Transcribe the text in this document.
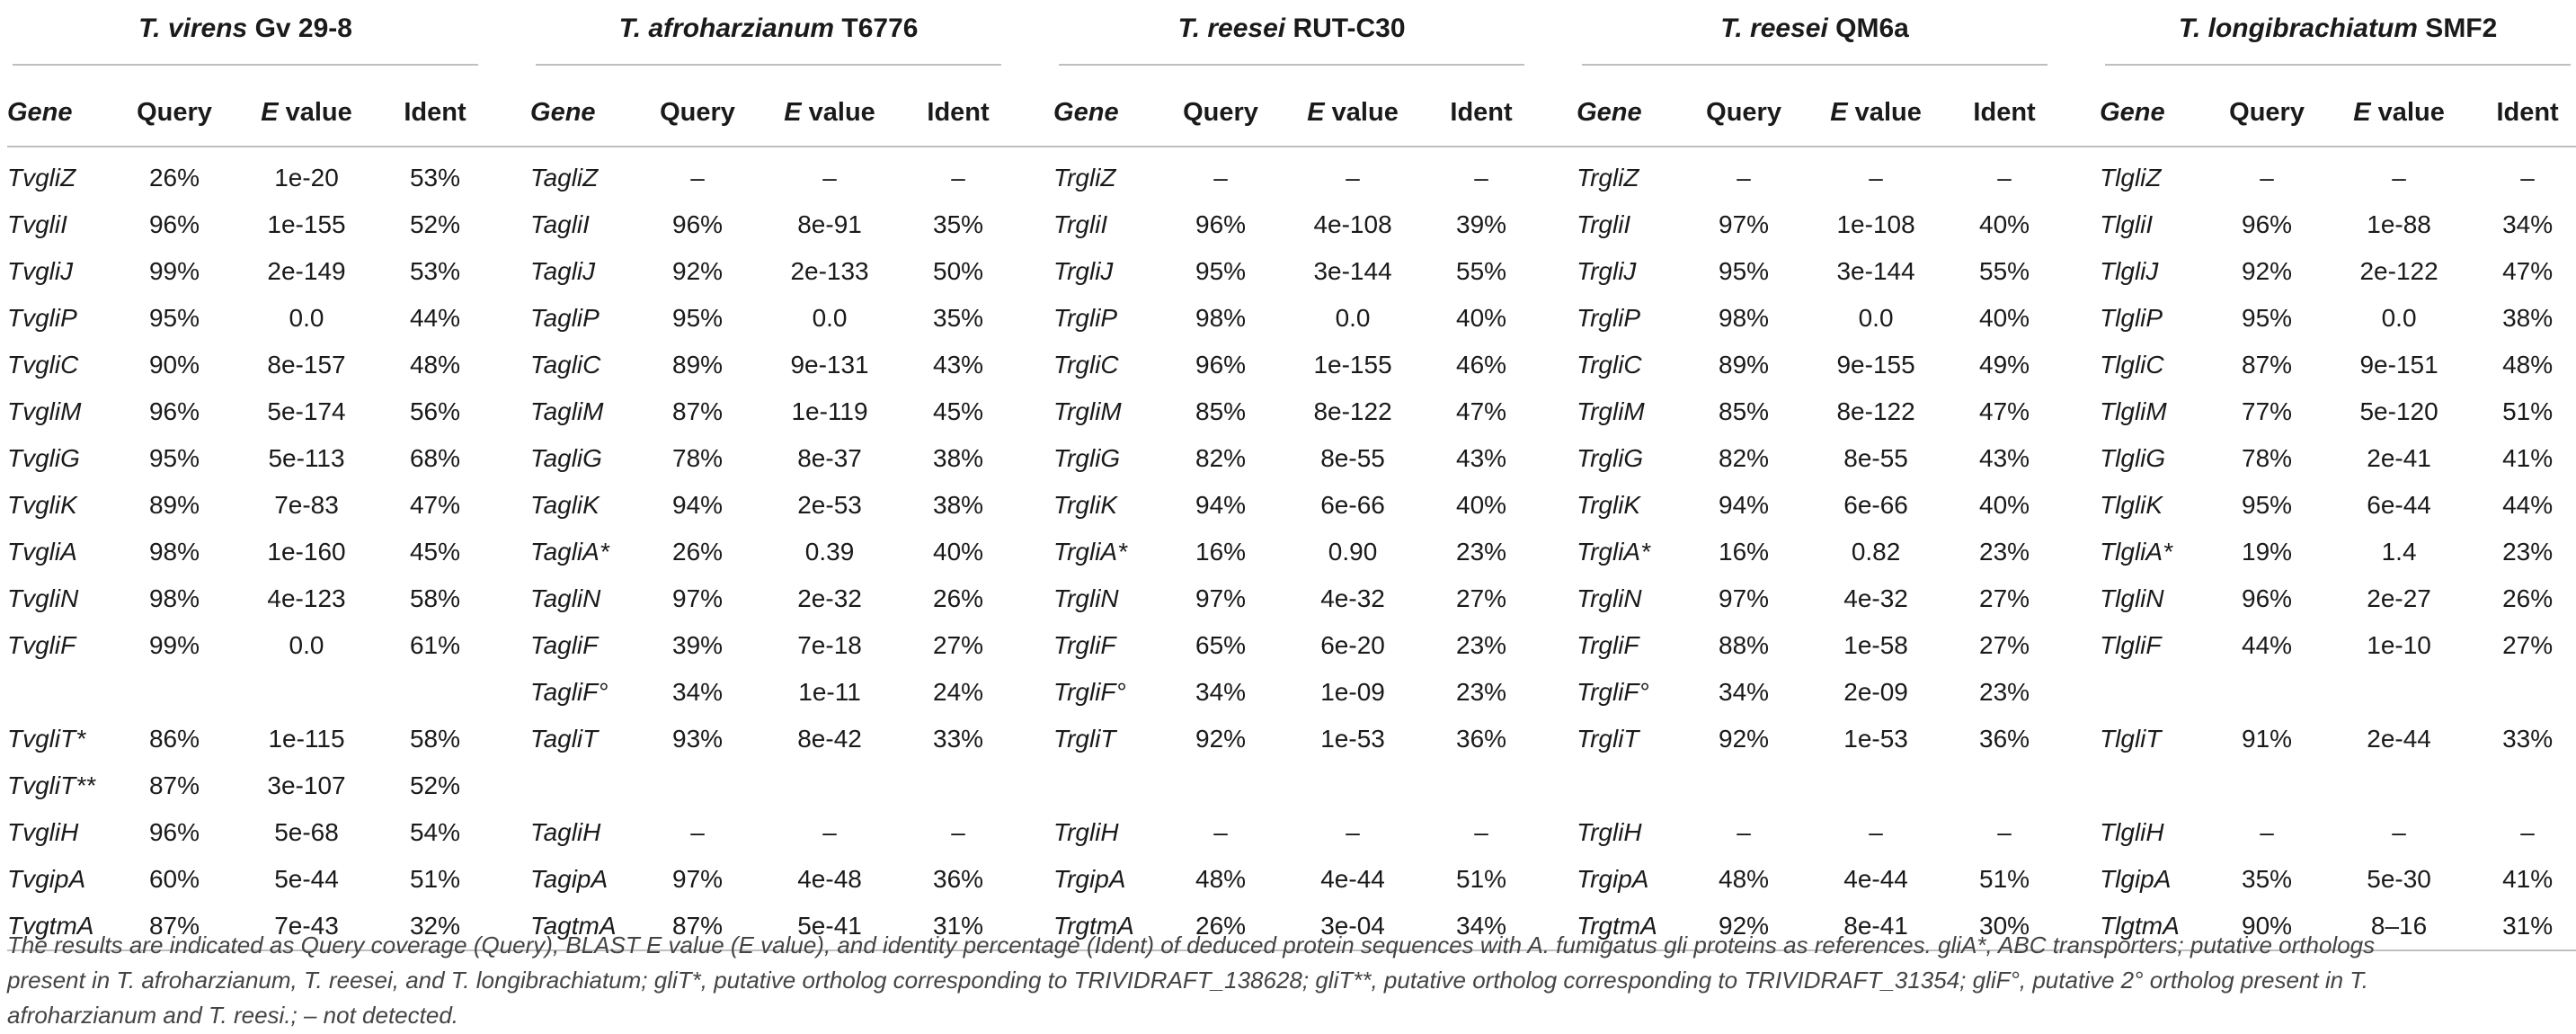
T. virens Gv 29-8					T. afroharzianum T6776					T. reesei RUT-C30					T. reesei QM6a					T. longibrachiatum SMF2			

Gene	Query	E value	Ident		Gene	Query	E value	Ident		Gene	Query	E value	Ident		Gene	Query	E value	Ident		Gene	Query	E value	Ident
TvgliZ	26%	1e-20	53%		TagliZ	–	–	–		TrgliZ	–	–	–		TrgliZ	–	–	–		TlgliZ	–	–	–
TvgliI	96%	1e-155	52%		TagliI	96%	8e-91	35%		TrgliI	96%	4e-108	39%		TrgliI	97%	1e-108	40%		TlgliI	96%	1e-88	34%
TvgliJ	99%	2e-149	53%		TagliJ	92%	2e-133	50%		TrgliJ	95%	3e-144	55%		TrgliJ	95%	3e-144	55%		TlgliJ	92%	2e-122	47%
TvgliP	95%	0.0	44%		TagliP	95%	0.0	35%		TrgliP	98%	0.0	40%		TrgliP	98%	0.0	40%		TlgliP	95%	0.0	38%
TvgliC	90%	8e-157	48%		TagliC	89%	9e-131	43%		TrgliC	96%	1e-155	46%		TrgliC	89%	9e-155	49%		TlgliC	87%	9e-151	48%
TvgliM	96%	5e-174	56%		TagliM	87%	1e-119	45%		TrgliM	85%	8e-122	47%		TrgliM	85%	8e-122	47%		TlgliM	77%	5e-120	51%
TvgliG	95%	5e-113	68%		TagliG	78%	8e-37	38%		TrgliG	82%	8e-55	43%		TrgliG	82%	8e-55	43%		TlgliG	78%	2e-41	41%
TvgliK	89%	7e-83	47%		TagliK	94%	2e-53	38%		TrgliK	94%	6e-66	40%		TrgliK	94%	6e-66	40%		TlgliK	95%	6e-44	44%
TvgliA	98%	1e-160	45%		TagliA*	26%	0.39	40%		TrgliA*	16%	0.90	23%		TrgliA*	16%	0.82	23%		TlgliA*	19%	1.4	23%
TvgliN	98%	4e-123	58%		TagliN	97%	2e-32	26%		TrgliN	97%	4e-32	27%		TrgliN	97%	4e-32	27%		TlgliN	96%	2e-27	26%
TvgliF	99%	0.0	61%		TagliF	39%	7e-18	27%		TrgliF	65%	6e-20	23%		TrgliF	88%	1e-58	27%		TlgliF	44%	1e-10	27%
					TagliF°	34%	1e-11	24%		TrgliF°	34%	1e-09	23%		TrgliF°	34%	2e-09	23%					
TvgliT*	86%	1e-115	58%		TagliT	93%	8e-42	33%		TrgliT	92%	1e-53	36%		TrgliT	92%	1e-53	36%		TlgliT	91%	2e-44	33%
TvgliT**	87%	3e-107	52%																				
TvgliH	96%	5e-68	54%		TagliH	–	–	–		TrgliH	–	–	–		TrgliH	–	–	–		TlgliH	–	–	–
TvgipA	60%	5e-44	51%		TagipA	97%	4e-48	36%		TrgipA	48%	4e-44	51%		TrgipA	48%	4e-44	51%		TlgipA	35%	5e-30	41%
TvgtmA	87%	7e-43	32%		TagtmA	87%	5e-41	31%		TrgtmA	26%	3e-04	34%		TrgtmA	92%	8e-41	30%		TlgtmA	90%	8–16	31%
The results are indicated as Query coverage (Query), BLAST E value (E value), and identity percentage (Ident) of deduced protein sequences with A. fumigatus gli proteins as references. gliA*, ABC transporters; putative orthologs present in T. afroharzianum, T. reesei, and T. longibrachiatum; gliT*, putative ortholog corresponding to TRIVIDRAFT_138628; gliT**, putative ortholog corresponding to TRIVIDRAFT_31354; gliF°, putative 2° ortholog present in T. afroharzianum and T. reesi.; – not detected.
